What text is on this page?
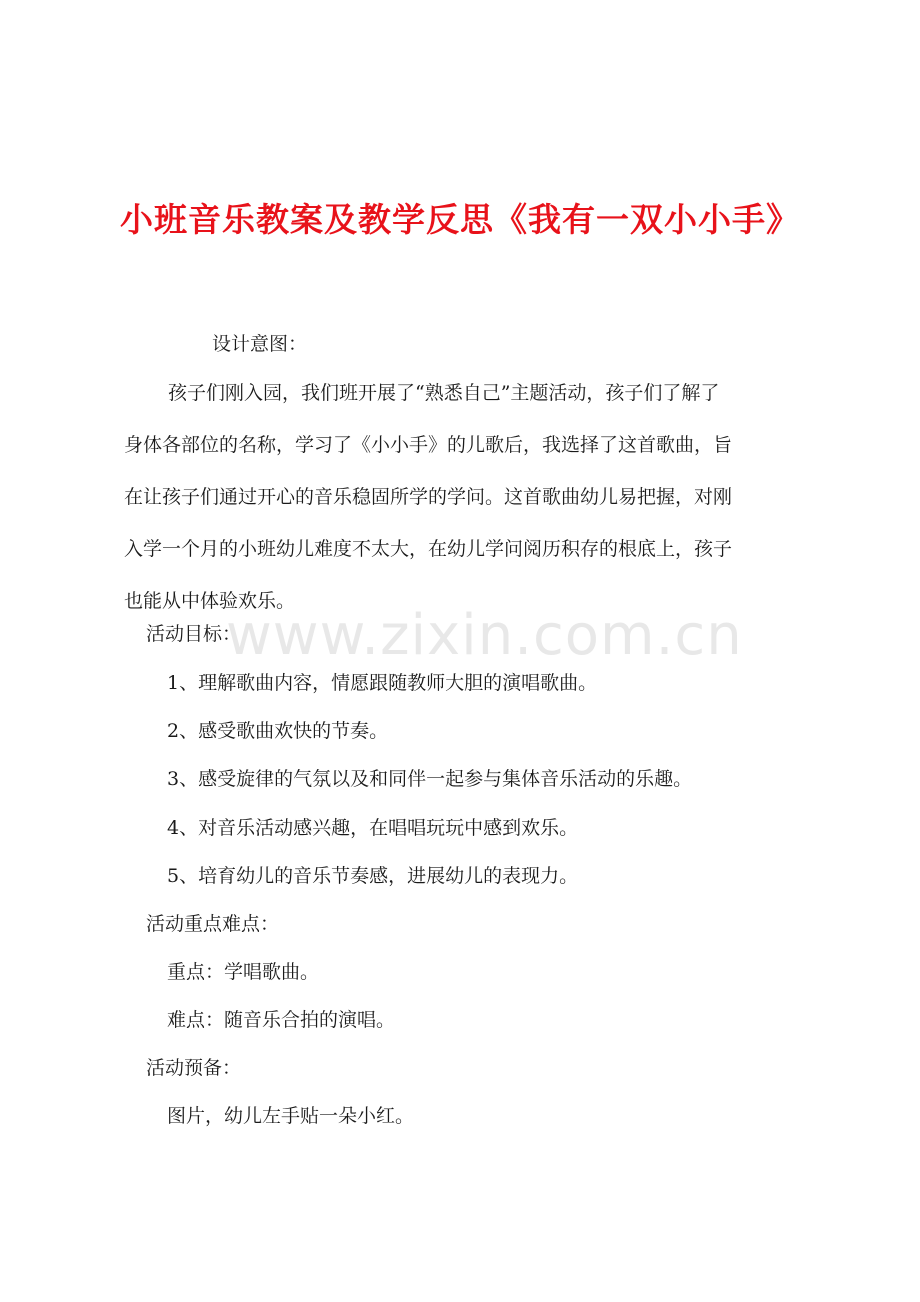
小班音乐教案及教学反思《我有一双小小手》
www.zixin.com.cn

设计意图：

孩子们刚入园，我们班开展了“熟悉自己”主题活动，孩子们了解了
身体各部位的名称，学习了《小小手》的儿歌后，我选择了这首歌曲，旨
在让孩子们通过开心的音乐稳固所学的学问。这首歌曲幼儿易把握，对刚
入学一个月的小班幼儿难度不太大，在幼儿学问阅历积存的根底上，孩子
也能从中体验欢乐。

活动目标：

1、理解歌曲内容，情愿跟随教师大胆的演唱歌曲。

2、感受歌曲欢快的节奏。

3、感受旋律的气氛以及和同伴一起参与集体音乐活动的乐趣。

4、对音乐活动感兴趣，在唱唱玩玩中感到欢乐。

5、培育幼儿的音乐节奏感，进展幼儿的表现力。

活动重点难点：

重点：学唱歌曲。

难点：随音乐合拍的演唱。

活动预备：

图片，幼儿左手贴一朵小红。
